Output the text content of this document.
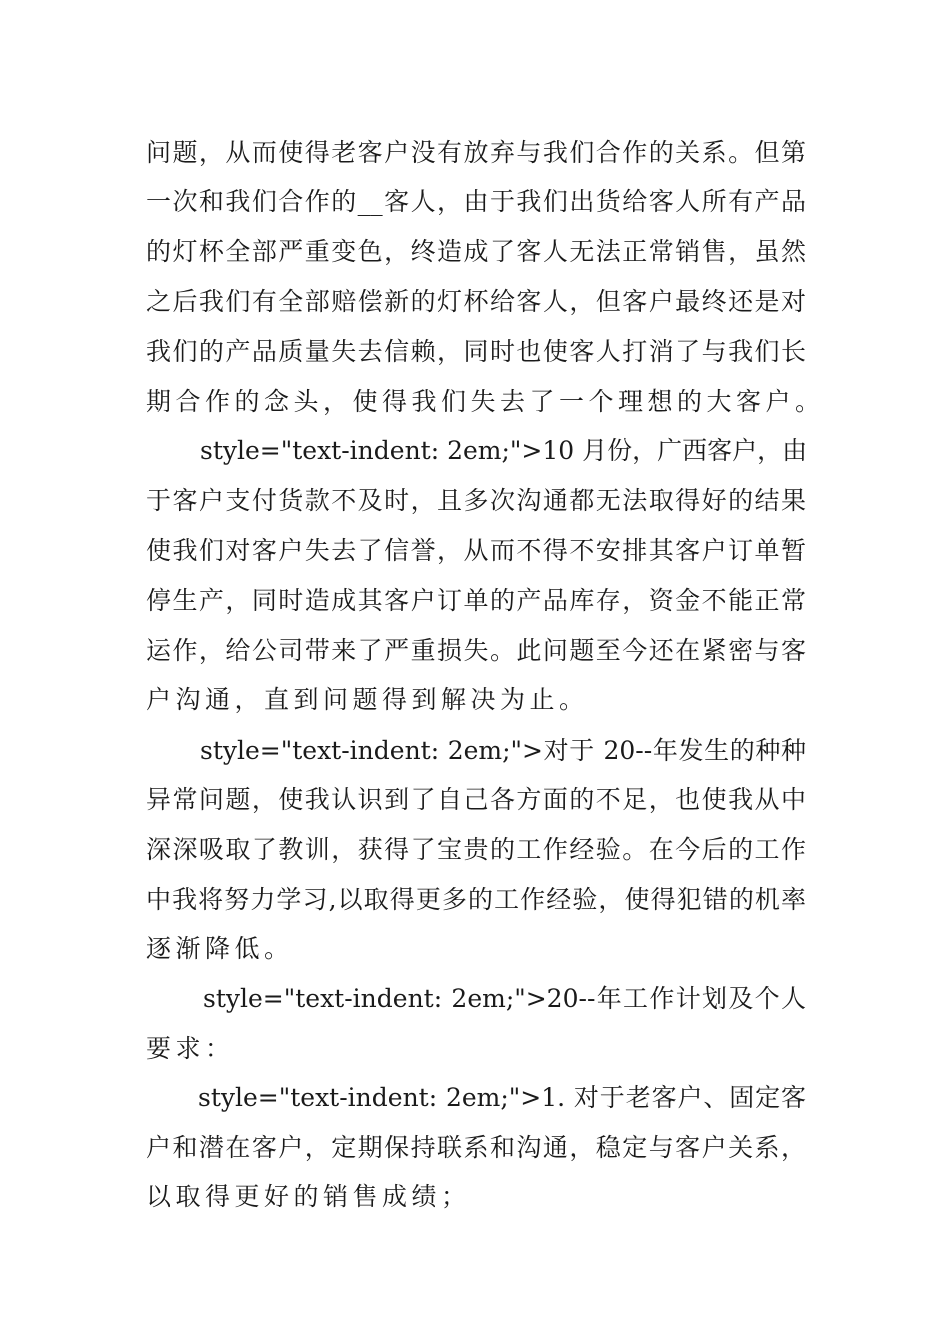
问题，从而使得老客户没有放弃与我们合作的关系。但第
一次和我们合作的__客人，由于我们出货给客人所有产品
的灯杯全部严重变色，终造成了客人无法正常销售，虽然
之后我们有全部赔偿新的灯杯给客人，但客户最终还是对
我们的产品质量失去信赖，同时也使客人打消了与我们长
期合作的念头，使得我们失去了一个理想的大客户。
style="text-indent: 2em;">10 月份，广西客户，由
于客户支付货款不及时，且多次沟通都无法取得好的结果
使我们对客户失去了信誉，从而不得不安排其客户订单暂
停生产，同时造成其客户订单的产品库存，资金不能正常
运作，给公司带来了严重损失。此问题至今还在紧密与客
户沟通，直到问题得到解决为止。
style="text-indent: 2em;">对于 20--年发生的种种
异常问题，使我认识到了自己各方面的不足，也使我从中
深深吸取了教训，获得了宝贵的工作经验。在今后的工作
中我将努力学习,以取得更多的工作经验，使得犯错的机率
逐渐降低。
style="text-indent: 2em;">20--年工作计划及个人
要求：
style="text-indent: 2em;">1. 对于老客户、固定客
户和潜在客户，定期保持联系和沟通，稳定与客户关系，
以取得更好的销售成绩；
